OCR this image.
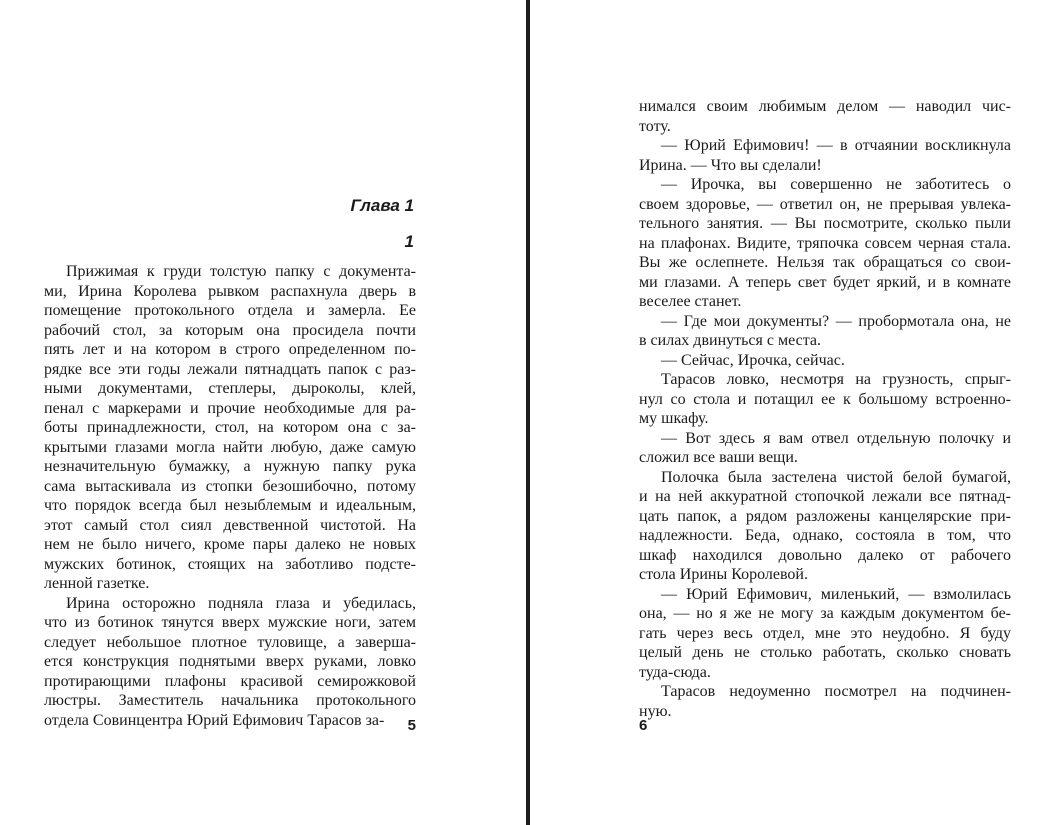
Глава 1
1
Прижимая к груди толстую папку с документа-
ми, Ирина Королева рывком распахнула дверь в
помещение протокольного отдела и замерла. Ее
рабочий стол, за которым она просидела почти
пять лет и на котором в строго определенном по-
рядке все эти годы лежали пятнадцать папок с раз-
ными документами, степлеры, дыроколы, клей,
пенал с маркерами и прочие необходимые для ра-
боты принадлежности, стол, на котором она с за-
крытыми глазами могла найти любую, даже самую
незначительную бумажку, а нужную папку рука
сама вытаскивала из стопки безошибочно, потому
что порядок всегда был незыблемым и идеальным,
этот самый стол сиял девственной чистотой. На
нем не было ничего, кроме пары далеко не новых
мужских ботинок, стоящих на заботливо подсте-
ленной газетке.
Ирина осторожно подняла глаза и убедилась,
что из ботинок тянутся вверх мужские ноги, затем
следует небольшое плотное туловище, а заверша-
ется конструкция поднятыми вверх руками, ловко
протирающими плафоны красивой семирожковой
люстры. Заместитель начальника протокольного
отдела Совинцентра Юрий Ефимович Тарасов за-	5
нимался своим любимым делом — наводил чис-
тоту.
— Юрий Ефимович! — в отчаянии воскликнула
Ирина. — Что вы сделали!
— Ирочка, вы совершенно не заботитесь о
своем здоровье, — ответил он, не прерывая увлека-
тельного занятия. — Вы посмотрите, сколько пыли
на плафонах. Видите, тряпочка совсем черная стала.
Вы же ослепнете. Нельзя так обращаться со свои-
ми глазами. А теперь свет будет яркий, и в комнате
веселее станет.
— Где мои документы? — пробормотала она, не
в силах двинуться с места.
— Сейчас, Ирочка, сейчас.
Тарасов ловко, несмотря на грузность, спрыг-
нул со стола и потащил ее к большому встроенно-
му шкафу.
— Вот здесь я вам отвел отдельную полочку и
сложил все ваши вещи.
Полочка была застелена чистой белой бумагой,
и на ней аккуратной стопочкой лежали все пятнад-
цать папок, а рядом разложены канцелярские при-
надлежности. Беда, однако, состояла в том, что
шкаф находился довольно далеко от рабочего
стола Ирины Королевой.
— Юрий Ефимович, миленький, — взмолилась
она, — но я же не могу за каждым документом бе-
гать через весь отдел, мне это неудобно. Я буду
целый день не столько работать, сколько сновать
туда-сюда.
Тарасов недоуменно посмотрел на подчинен-
ную.
6
